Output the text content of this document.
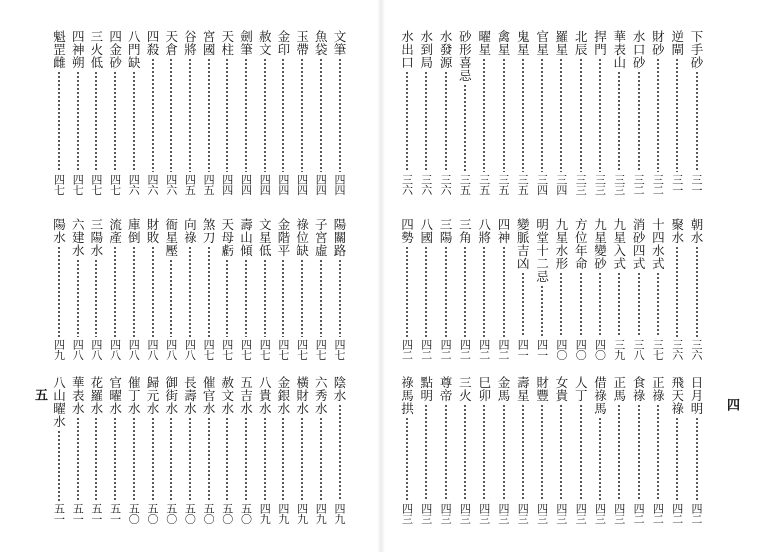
文筆
四四
陽關路
四七
陰水
四九
魚袋
四四
子宮虛
四七
六秀水
四九
玉帶
四四
祿位缺
四七
橫財水
四九
金印
四四
金階平
四七
金銀水
四九
赦文
四四
文星低
四七
八貴水
四九
劍筆
四四
壽山傾
四七
五吉水
五〇
天柱
四四
天母虧
四七
赦文水
五〇
宮國
四五
煞刀
四七
催官水
五〇
谷將
四五
向祿
四八
長壽水
五〇
天倉
四六
衙星壓
四八
御街水
五〇
四殺
四六
財敗
四八
歸元水
五〇
八門缺
四六
庫倒
四八
催丁水
五〇
四金砂
四七
流產
四八
官曜水
五一
三火低
四七
三陽水
四八
花羅水
五一
四神朔
四七
六建水
四八
華表水
五一
魁罡雌
四七
陽水
四九
八山曜水
五一
下手砂
三一
朝水
三六
日月明
四二
逆閘
三一
聚水
三六
飛天祿
四二
財砂
三二
十四水式
三七
正祿
四二
水口砂
三二
消砂四式
三八
食祿
四二
華表山
三三
九星入式
三九
正馬
四三
捍門
三三
九星變砂
四〇
借祿馬
四三
北辰
三三
方位年命
四〇
人丁
四三
羅星
三四
九星水形
四〇
女貴
四三
官星
三四
明堂十二忌
四一
財豐
四三
鬼星
三五
變脈吉凶
四一
壽星
四三
禽星
三五
四神
四二
金馬
四三
曜星
三五
八將
四二
巳卯
四三
砂形喜忌
三五
三角
四二
三火
四三
水發源
三六
三陽
四二
尊帝
四三
水到局
三六
八國
四二
點明
四三
水出口
三六
四勢
四二
祿馬拱
四三
五
四
